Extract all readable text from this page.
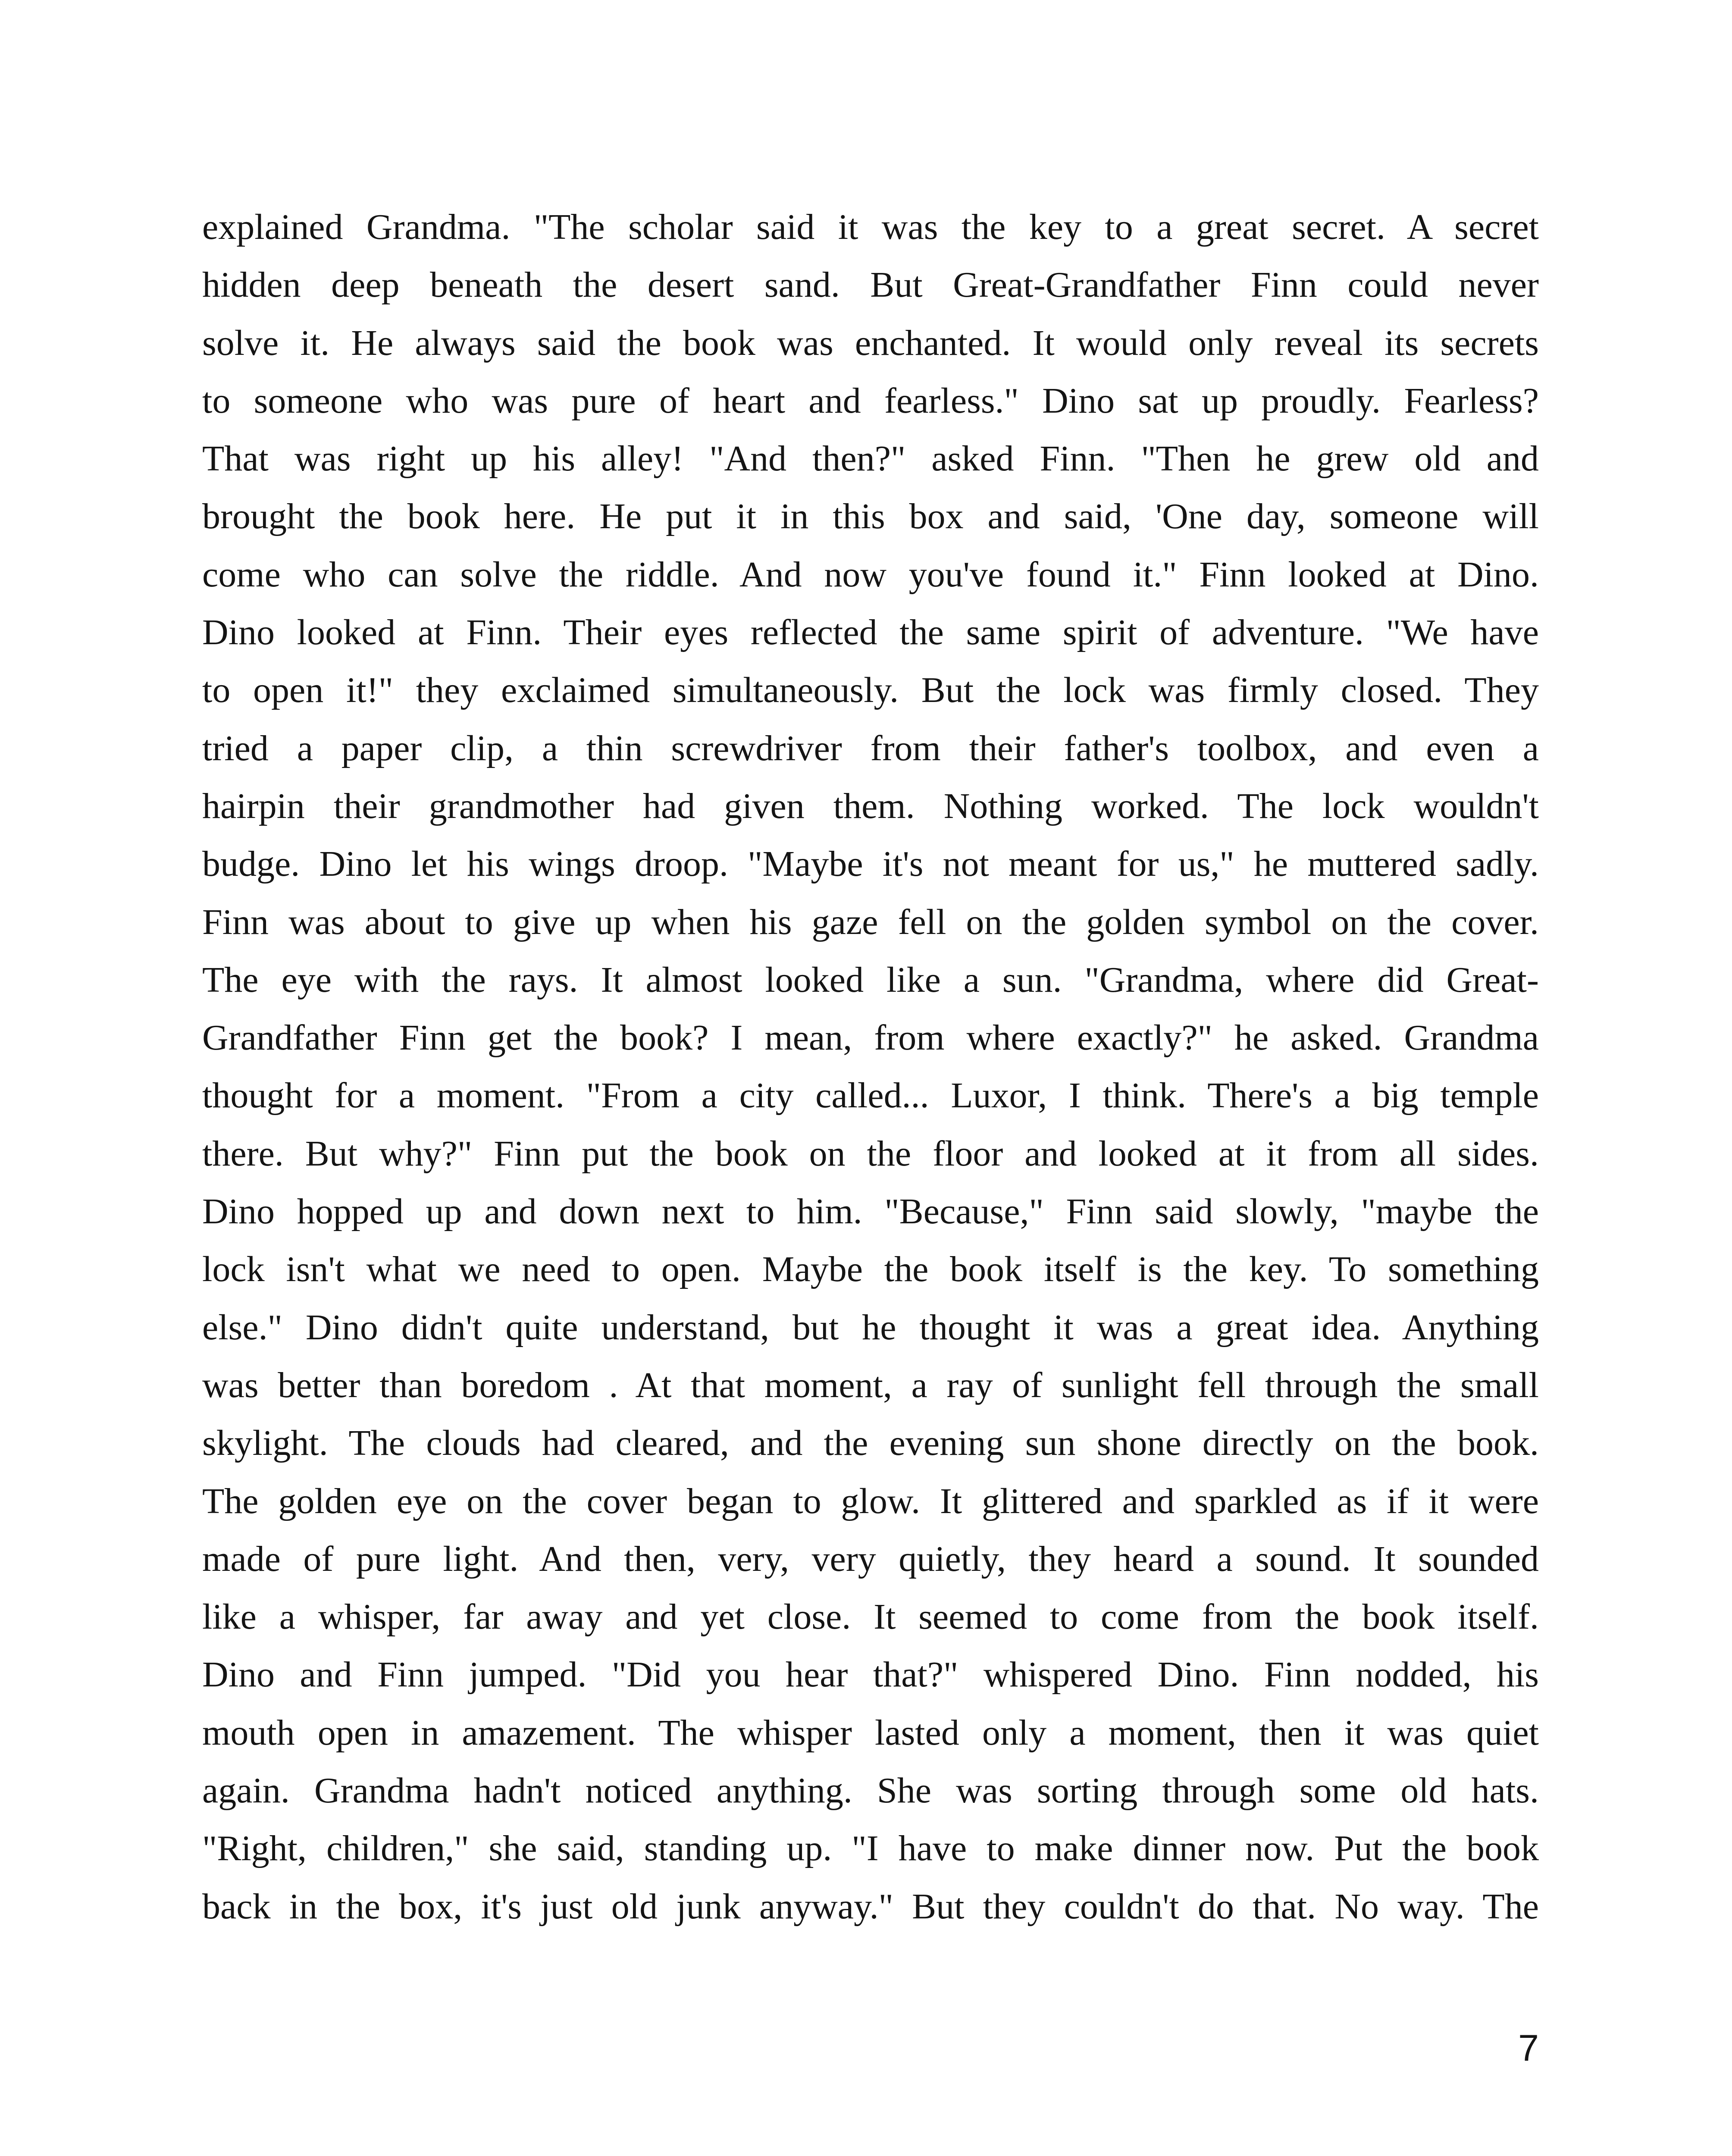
explained Grandma. "The scholar said it was the key to a great secret. A secret
hidden deep beneath the desert sand. But Great-Grandfather Finn could never
solve it. He always said the book was enchanted. It would only reveal its secrets
to someone who was pure of heart and fearless." Dino sat up proudly. Fearless?
That was right up his alley! "And then?" asked Finn. "Then he grew old and
brought the book here. He put it in this box and said, 'One day, someone will
come who can solve the riddle. And now you've found it." Finn looked at Dino.
Dino looked at Finn. Their eyes reflected the same spirit of adventure. "We have
to open it!" they exclaimed simultaneously. But the lock was firmly closed. They
tried a paper clip, a thin screwdriver from their father's toolbox, and even a
hairpin their grandmother had given them. Nothing worked. The lock wouldn't
budge. Dino let his wings droop. "Maybe it's not meant for us," he muttered sadly.
Finn was about to give up when his gaze fell on the golden symbol on the cover.
The eye with the rays. It almost looked like a sun. "Grandma, where did Great-
Grandfather Finn get the book? I mean, from where exactly?" he asked. Grandma
thought for a moment. "From a city called... Luxor, I think. There's a big temple
there. But why?" Finn put the book on the floor and looked at it from all sides.
Dino hopped up and down next to him. "Because," Finn said slowly, "maybe the
lock isn't what we need to open. Maybe the book itself is the key. To something
else." Dino didn't quite understand, but he thought it was a great idea. Anything
was better than boredom . At that moment, a ray of sunlight fell through the small
skylight. The clouds had cleared, and the evening sun shone directly on the book.
The golden eye on the cover began to glow. It glittered and sparkled as if it were
made of pure light. And then, very, very quietly, they heard a sound. It sounded
like a whisper, far away and yet close. It seemed to come from the book itself.
Dino and Finn jumped. "Did you hear that?" whispered Dino. Finn nodded, his
mouth open in amazement. The whisper lasted only a moment, then it was quiet
again. Grandma hadn't noticed anything. She was sorting through some old hats.
"Right, children," she said, standing up. "I have to make dinner now. Put the book
back in the box, it's just old junk anyway." But they couldn't do that. No way. The
7
